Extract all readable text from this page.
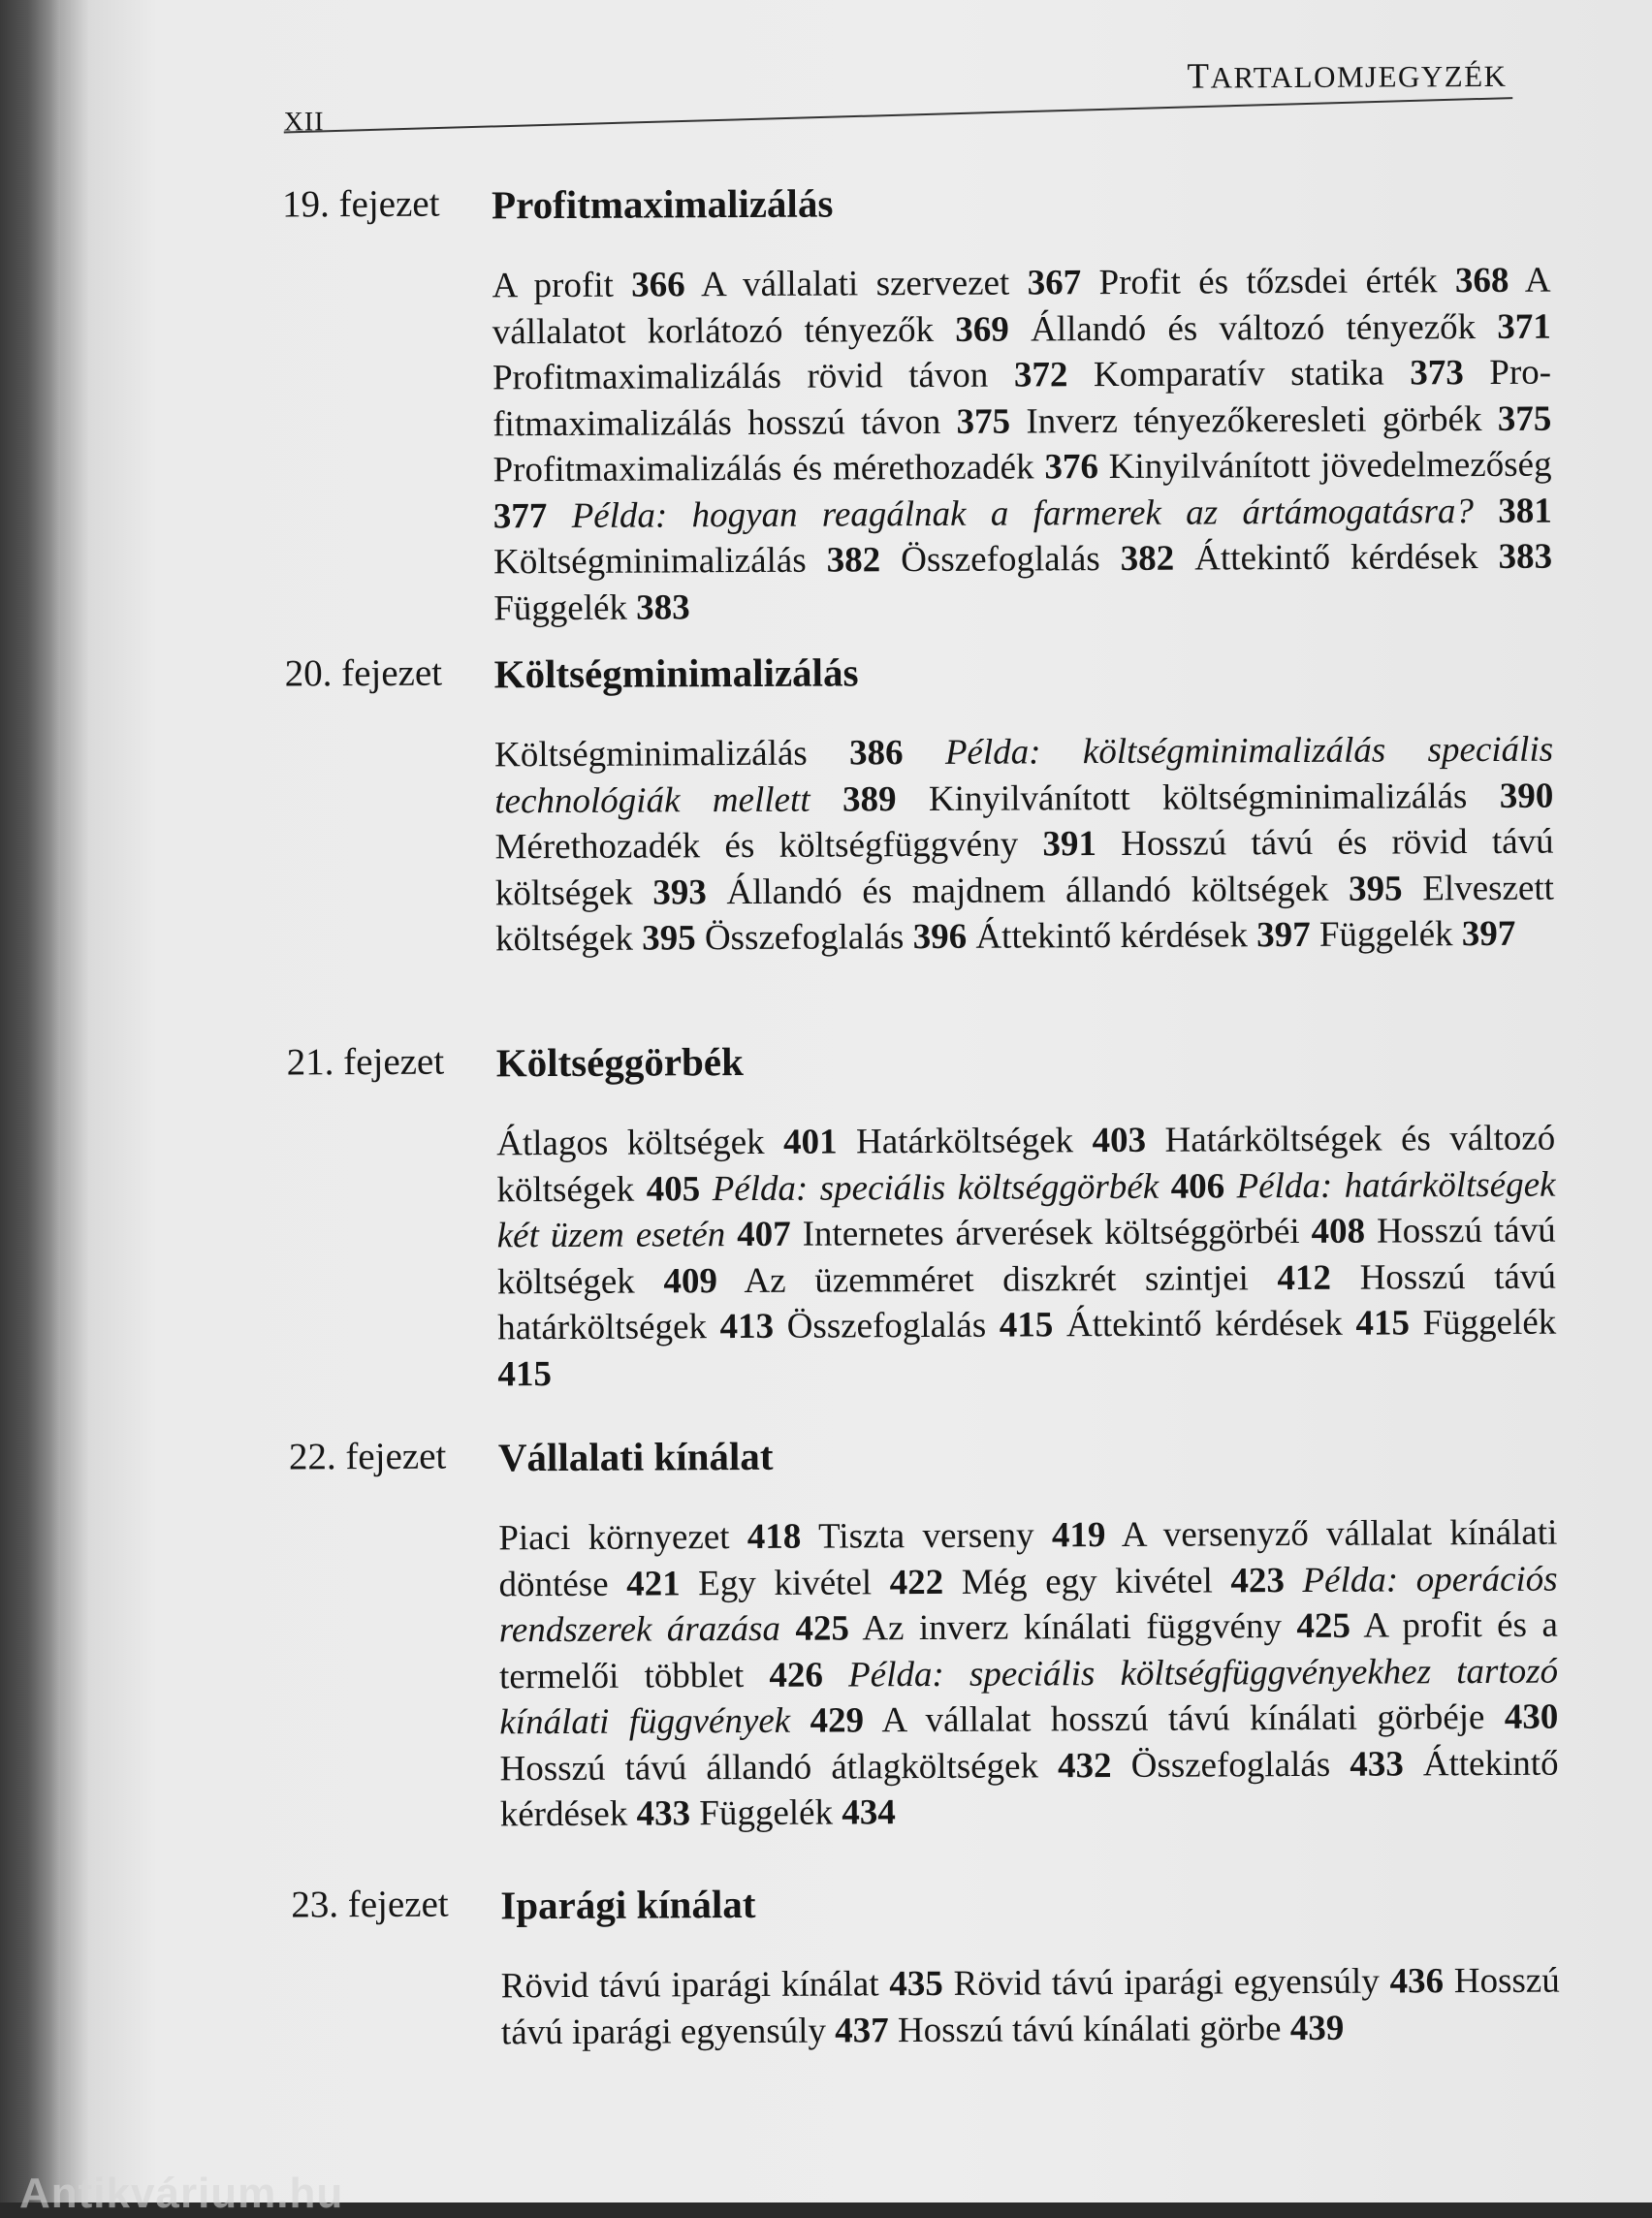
TARTALOMJEGYZÉK
XII
19. fejezet Profitmaximalizálás
A profit 366 A vállalati szervezet 367 Profit és tőzsdei érték 368 A vállalatot korlátozó tényezők 369 Állandó és változó tényezők 371 Profitmaximalizálás rövid távon 372 Komparatív statika 373 Profitmaximalizálás hosszú távon 375 Inverz tényezőkeresleti görbék 375 Profitmaximalizálás és mérethozadék 376 Kinyilvánított jövedelmezőség 377 Példa: hogyan reagálnak a farmerek az ártámogatásra? 381 Költségminimalizálás 382 Összefoglalás 382 Áttekintő kérdések 383 Függelék 383
20. fejezet Költségminimalizálás
Költségminimalizálás 386 Példa: költségminimalizálás speciális technológiák mellett 389 Kinyilvánított költségminimalizálás 390 Mérethozadék és költségfüggvény 391 Hosszú távú és rövid távú költségek 393 Állandó és majdnem állandó költségek 395 Elveszett költségek 395 Összefoglalás 396 Áttekintő kérdések 397 Függelék 397
21. fejezet Költséggörbék
Átlagos költségek 401 Határköltségek 403 Határköltségek és változó költségek 405 Példa: speciális költséggörbék 406 Példa: határköltségek két üzem esetén 407 Internetes árverések költséggörbéi 408 Hosszú távú költségek 409 Az üzemméret diszkrét szintjei 412 Hosszú távú határköltségek 413 Összefoglalás 415 Áttekintő kérdések 415 Függelék 415
22. fejezet Vállalati kínálat
Piaci környezet 418 Tiszta verseny 419 A versenyző vállalat kínálati döntése 421 Egy kivétel 422 Még egy kivétel 423 Példa: operációs rendszerek árazása 425 Az inverz kínálati függvény 425 A profit és a termelői többlet 426 Példa: speciális költségfüggvényekhez tartozó kínálati függvények 429 A vállalat hosszú távú kínálati görbéje 430 Hosszú távú állandó átlagköltségek 432 Összefoglalás 433 Áttekintő kérdések 433 Függelék 434
23. fejezet Iparági kínálat
Rövid távú iparági kínálat 435 Rövid távú iparági egyensúly 436 Hosszú távú iparági egyensúly 437 Hosszú távú kínálati görbe 439
Antikvárium.hu
